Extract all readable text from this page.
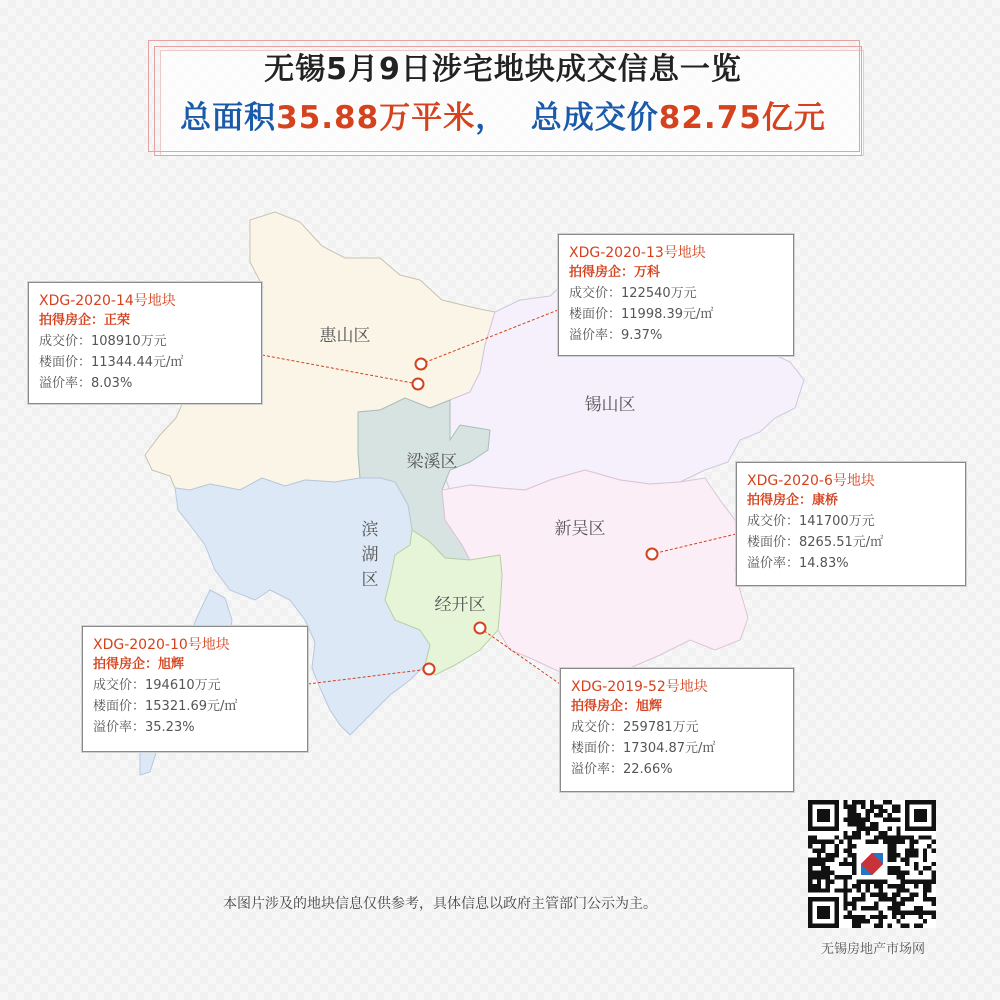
无锡5月9日涉宅地块成交信息一览
总面积35.88万平米， 总成交价82.75亿元
惠山区
锡山区
梁溪区
滨
湖
区
新吴区
经开区
XDG-2020-14号地块
拍得房企：正荣
成交价：108910万元
楼面价：11344.44元/㎡
溢价率：8.03%
XDG-2020-13号地块
拍得房企：万科
成交价：122540万元
楼面价：11998.39元/㎡
溢价率：9.37%
XDG-2020-6号地块
拍得房企：康桥
成交价：141700万元
楼面价：8265.51元/㎡
溢价率：14.83%
XDG-2020-10号地块
拍得房企：旭辉
成交价：194610万元
楼面价：15321.69元/㎡
溢价率：35.23%
XDG-2019-52号地块
拍得房企：旭辉
成交价：259781万元
楼面价：17304.87元/㎡
溢价率：22.66%
本图片涉及的地块信息仅供参考，具体信息以政府主管部门公示为主。
无锡房地产市场网
